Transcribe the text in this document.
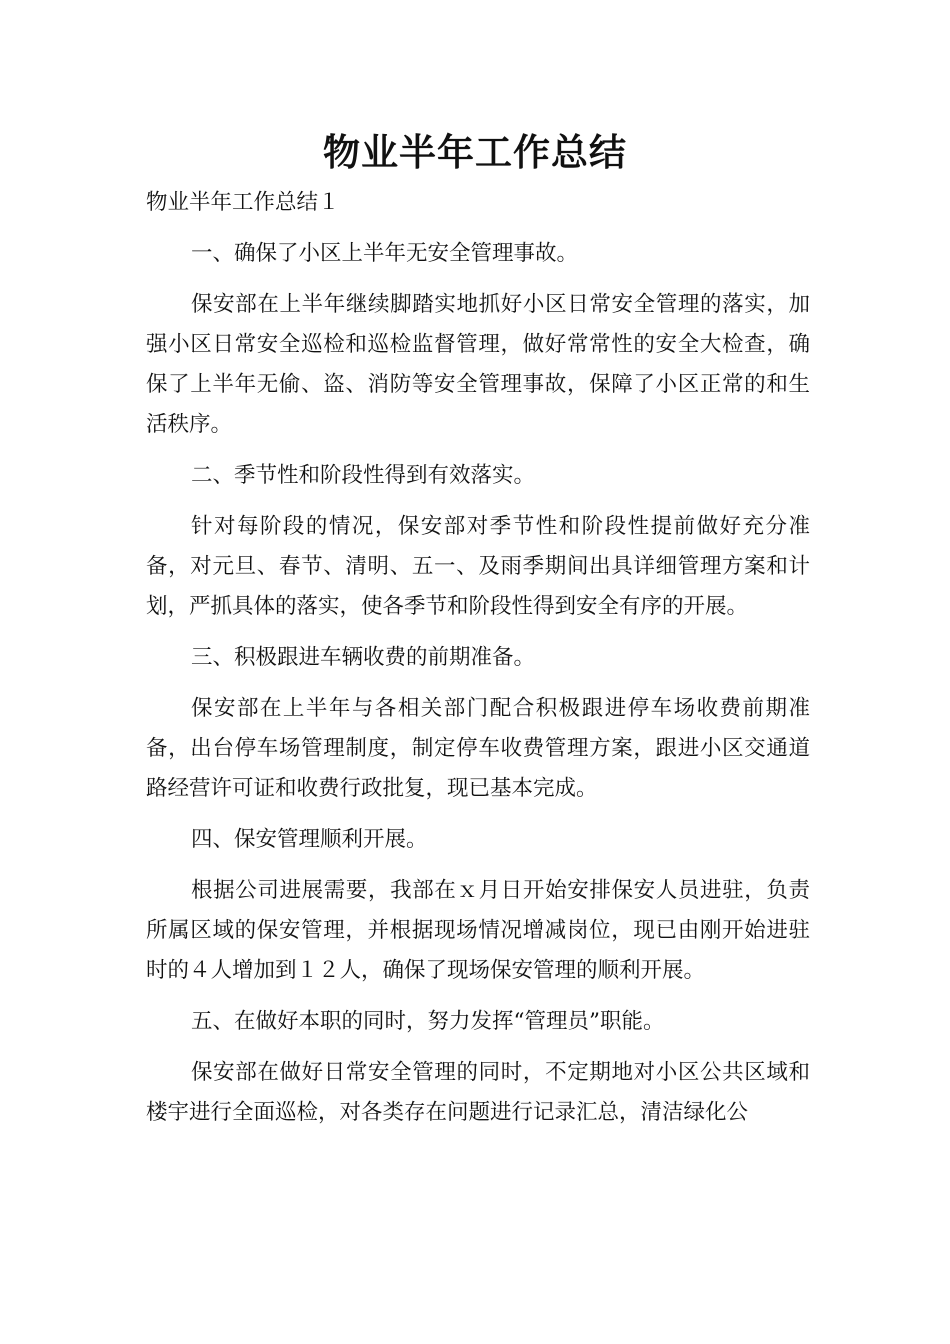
物业半年工作总结

物业半年工作总结１

一、确保了小区上半年无安全管理事故。

保安部在上半年继续脚踏实地抓好小区日常安全管理的落实，加强小区日常安全巡检和巡检监督管理，做好常常性的安全大检查，确保了上半年无偷、盗、消防等安全管理事故，保障了小区正常的和生活秩序。

二、季节性和阶段性得到有效落实。

针对每阶段的情况，保安部对季节性和阶段性提前做好充分准备，对元旦、春节、清明、五一、及雨季期间出具详细管理方案和计划，严抓具体的落实，使各季节和阶段性得到安全有序的开展。

三、积极跟进车辆收费的前期准备。

保安部在上半年与各相关部门配合积极跟进停车场收费前期准备，出台停车场管理制度，制定停车收费管理方案，跟进小区交通道路经营许可证和收费行政批复，现已基本完成。

四、保安管理顺利开展。

根据公司进展需要，我部在ｘ月日开始安排保安人员进驻，负责所属区域的保安管理，并根据现场情况增减岗位，现已由刚开始进驻时的４人增加到１２人，确保了现场保安管理的顺利开展。

五、在做好本职的同时，努力发挥“管理员”职能。

保安部在做好日常安全管理的同时，不定期地对小区公共区域和楼宇进行全面巡检，对各类存在问题进行记录汇总，清洁绿化公
